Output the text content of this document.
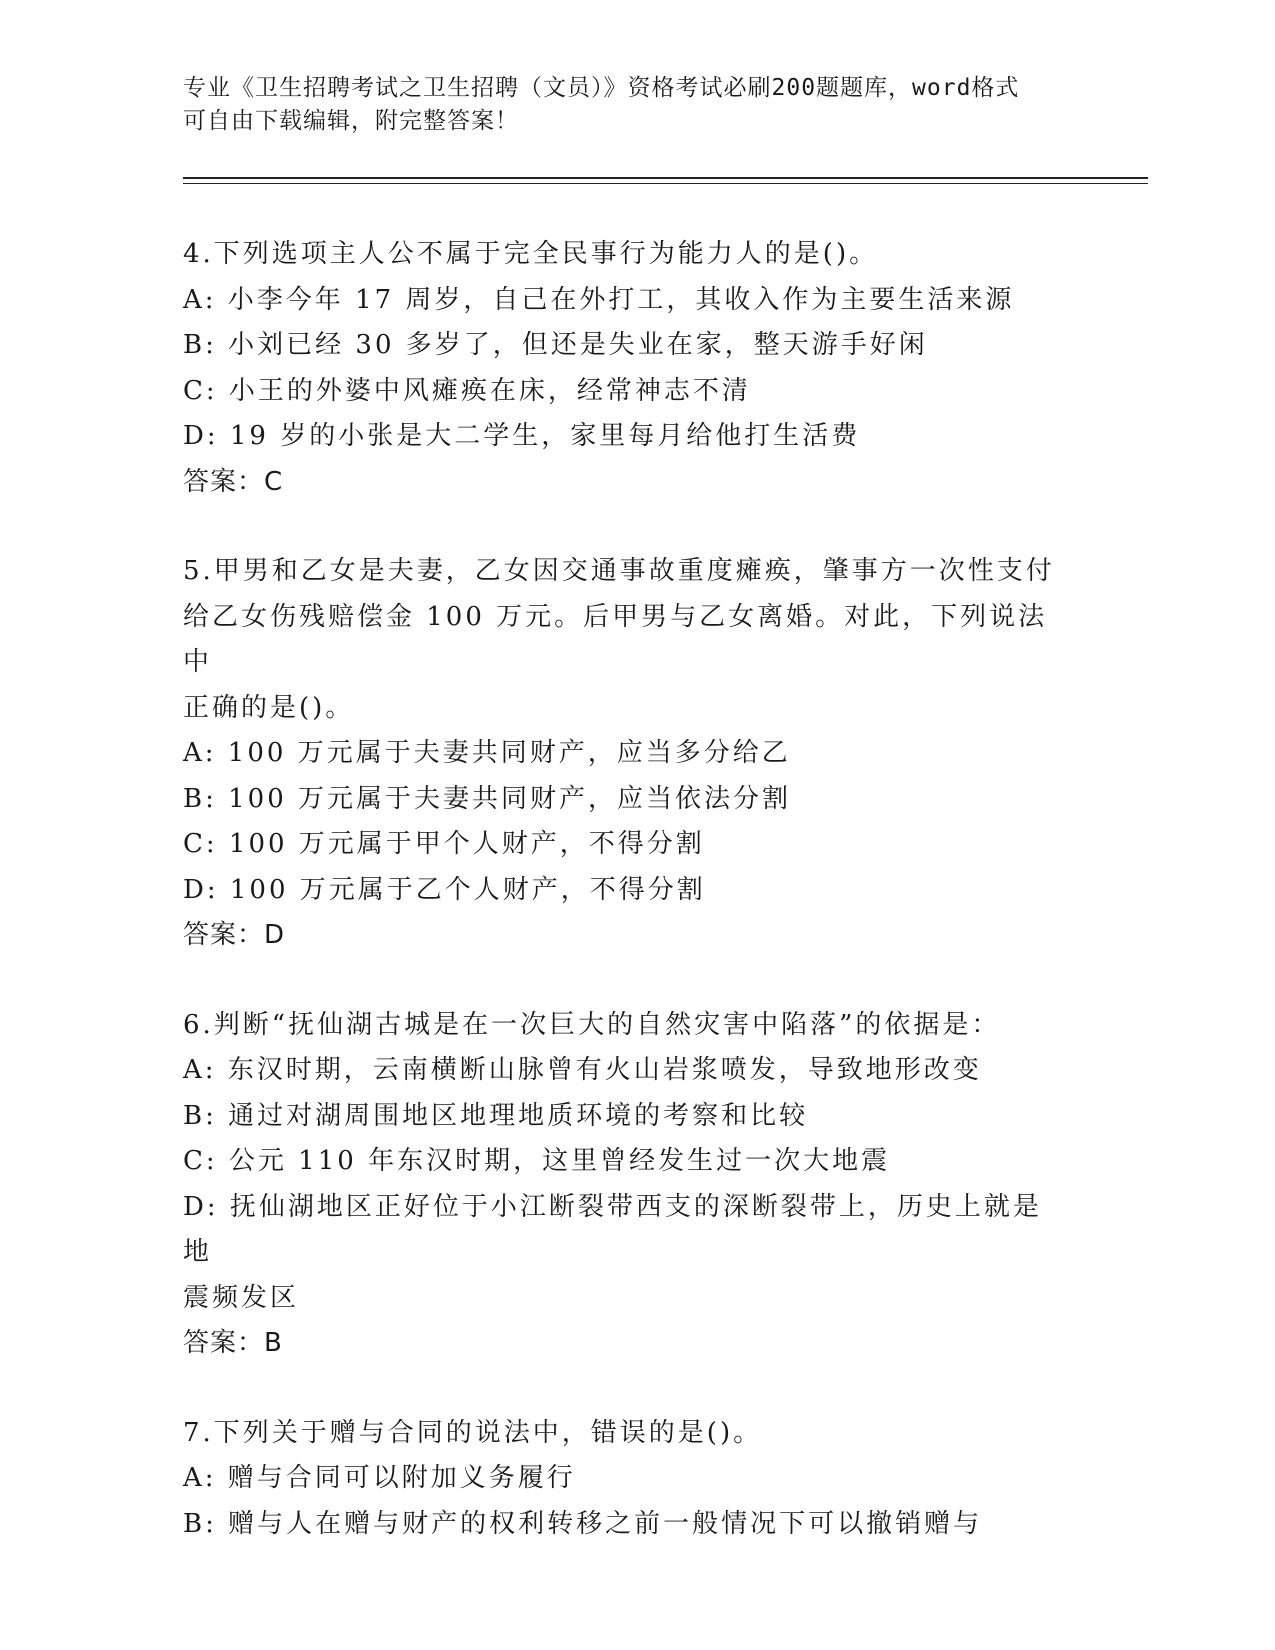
专业《卫生招聘考试之卫生招聘（文员）》资格考试必刷200题题库，word格式
可自由下载编辑，附完整答案！
4.下列选项主人公不属于完全民事行为能力人的是()。
A: 小李今年 17 周岁，自己在外打工，其收入作为主要生活来源
B: 小刘已经 30 多岁了，但还是失业在家，整天游手好闲
C: 小王的外婆中风瘫痪在床，经常神志不清
D: 19 岁的小张是大二学生，家里每月给他打生活费
答案：C
5.甲男和乙女是夫妻，乙女因交通事故重度瘫痪，肇事方一次性支付
给乙女伤残赔偿金 100 万元。后甲男与乙女离婚。对此，下列说法中
正确的是()。
A: 100 万元属于夫妻共同财产，应当多分给乙
B: 100 万元属于夫妻共同财产，应当依法分割
C: 100 万元属于甲个人财产，不得分割
D: 100 万元属于乙个人财产，不得分割
答案：D
6.判断“抚仙湖古城是在一次巨大的自然灾害中陷落”的依据是：
A: 东汉时期，云南横断山脉曾有火山岩浆喷发，导致地形改变
B: 通过对湖周围地区地理地质环境的考察和比较
C: 公元 110 年东汉时期，这里曾经发生过一次大地震
D: 抚仙湖地区正好位于小江断裂带西支的深断裂带上，历史上就是地
震频发区
答案：B
7.下列关于赠与合同的说法中，错误的是()。
A: 赠与合同可以附加义务履行
B: 赠与人在赠与财产的权利转移之前一般情况下可以撤销赠与
